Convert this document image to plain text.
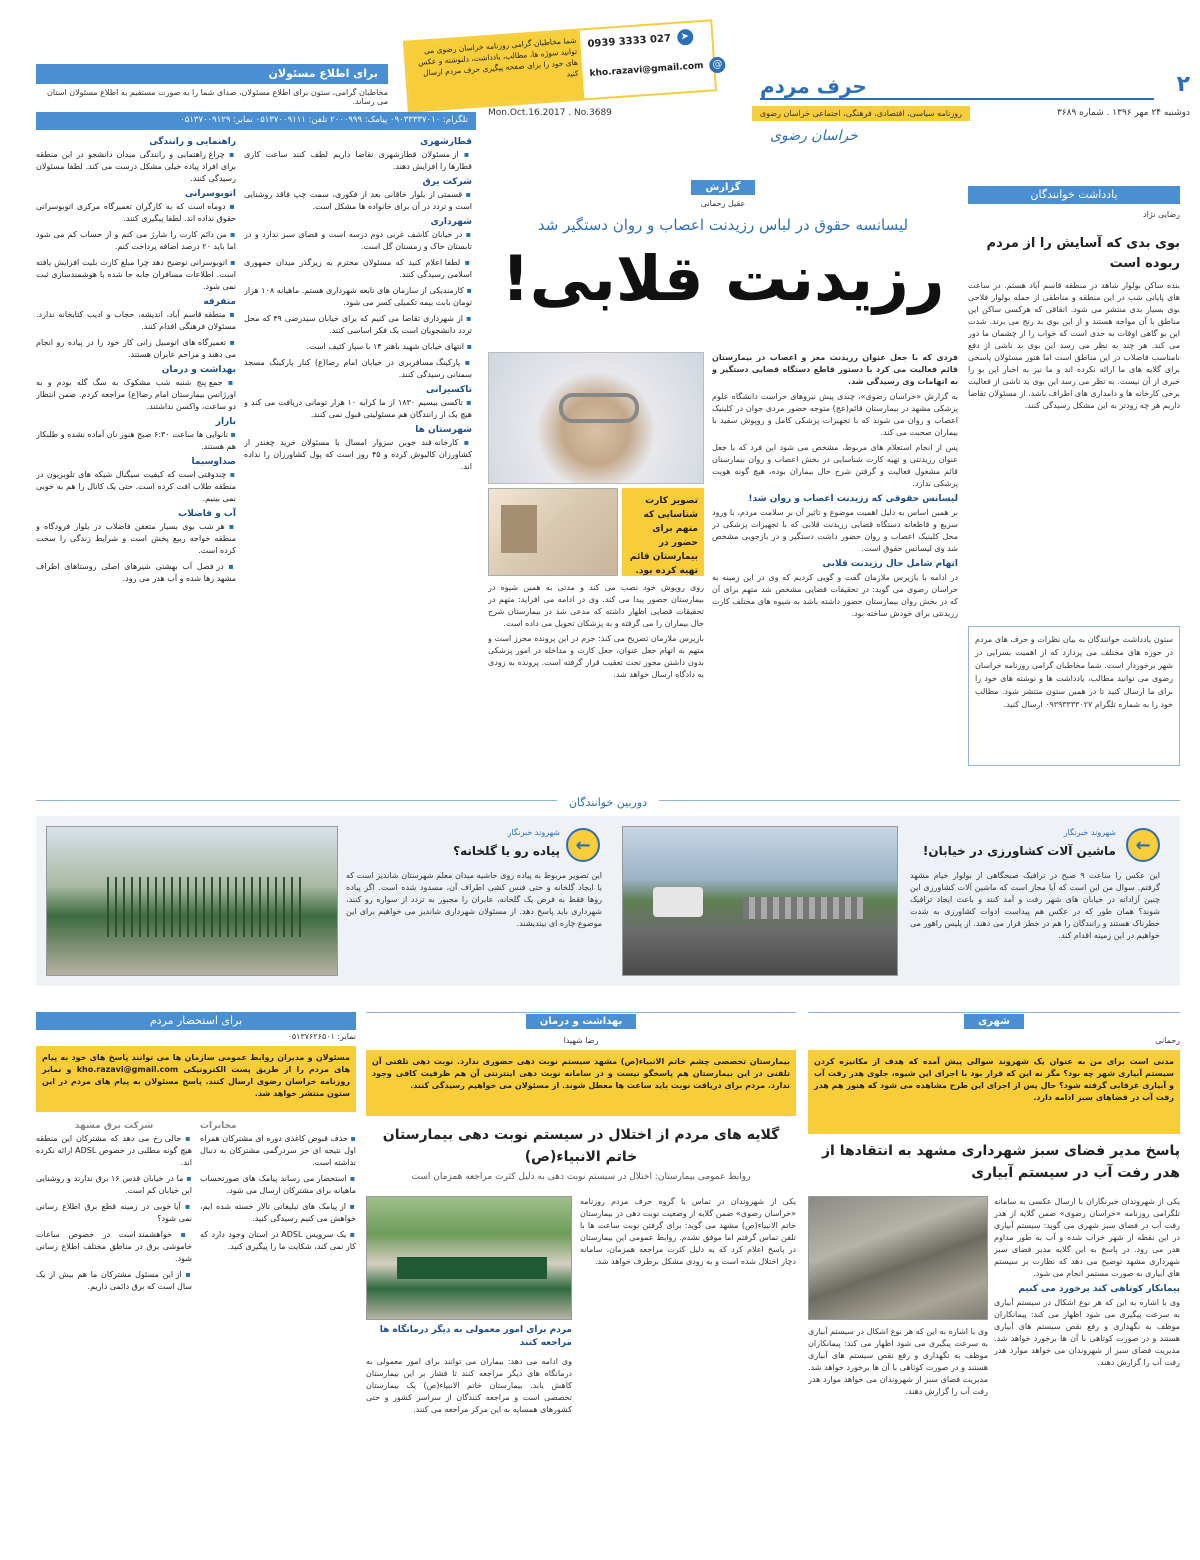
۲
حرف مردم
دوشنبه ۲۴ مهر ۱۳۹۶ . شماره ۳۶۸۹
روزنامه سیاسی، اقتصادی، فرهنگی، اجتماعی خراسان رضوی
Mon.Oct.16.2017 . No.3689
خراسان رضوی
شما مخاطبان گرامی روزنامه خراسان رضوی می توانید سوژه ها، مطالب، یادداشت، دلنوشته و عکس های خود را برای صفحه پیگیری حرف مردم ارسال کنید
➤
0939 3333 027
@
kho.razavi@gmail.com
برای اطلاع مسئولان
مخاطبان گرامی، ستون برای اطلاع مسئولان، صدای شما را به صورت مستقیم به اطلاع مسئولان استان می رساند.
تلگرام: ۰۹۰۳۳۳۳۷۰۱۰ پیامک: ۲۰۰۰۹۹۹ تلفن: ۰۵۱۳۷۰۰۹۱۱۱ نمابر: ۰۵۱۳۷۰۰۹۱۲۹
راهنمایی و رانندگی
▪ چراغ راهنمایی و رانندگی میدان دانشجو در این منطقه برای افراد پیاده خیلی مشکل درست می کند. لطفا مسئولان رسیدگی کنند.
اتوبوسرانی
▪ دوماه است که به کارگران تعمیرگاه مرکزی اتوبوسرانی حقوق نداده اند. لطفا پیگیری کنند.
▪ من دائم کارت را شارژ می کنم و از حساب کم می شود اما باید ۲۰ درصد اضافه پرداخت کنم.
▪ اتوبوسرانی توضیح دهد چرا مبلغ کارت بلیت افزایش یافته است. اطلاعات مسافران جابه جا شده با هوشمندسازی ثبت نمی شود.
متفرقه
▪ منطقه قاسم آباد، اندیشه، حجاب و ادیب کتابخانه ندارد. مسئولان فرهنگی اقدام کنند.
▪ تعمیرگاه های اتومبیل رانی کار خود را در پیاده رو انجام می دهند و مزاحم عابران هستند.
بهداشت و درمان
▪ جمع پنج شنبه شب مشکوک به سگ گله بودم و به اورژانس بیمارستان امام رضا(ع) مراجعه کردم. ضمن انتظار دو ساعت، واکسن نداشتند.
بازار
▪ نانوایی ها ساعت ۶:۳۰ صبح هنوز نان آماده نشده و طلبکار هم هستند.
صداوسیما
▪ چندوقتی است که کیفیت سیگنال شبکه های تلویزیون در منطقه طلاب افت کرده است. حتی یک کانال را هم به خوبی نمی بینیم.
آب و فاضلاب
▪ هر شب بوی بسیار متعفن فاضلاب در بلوار فرودگاه و منطقه خواجه ربیع پخش است و شرایط زندگی را سخت کرده است.
▪ در فصل آب بهشتی شیرهای اصلی روستاهای اطراف مشهد رها شده و آب هدر می رود.
قطارشهری
▪ از مسئولان قطارشهری تقاضا داریم لطف کنند ساعت کاری قطارها را افزایش دهند.
شرکت برق
▪ قسمتی از بلوار خاقانی بعد از فکوری، سمت چپ فاقد روشنایی است و تردد در آن برای خانواده ها مشکل است.
شهرداری
▪ در خیابان کاشف غربی دوم درسه است و فضای سبز ندارد و در تابستان خاک و زمستان گل است.
▪ لطفا اعلام کنید که مسئولان محترم به زیرگذر میدان جمهوری اسلامی رسیدگی کنند.
▪ کارمندیکی از سازمان های تابعه شهرداری هستم. ماهیانه ۱۰۸ هزار تومان بابت بیمه تکمیلی کسر می شود.
▪ از شهرداری تقاضا می کنیم که برای خیابان سیدرضی ۴۹ که محل تردد دانشجویان است یک فکر اساسی کنند.
▪ انتهای خیابان شهید باهنر ۱۴ با سپار کثیف است.
▪ پارکینگ مسافربری در خیابان امام رضا(ع) کنار پارکینگ مسجد سمنانی رسیدگی کنند.
تاکسیرانی
▪ تاکسی بیسیم ۱۸۳۰ از ما کرایه ۱۰ هزار تومانی دریافت می کند و هیچ یک از رانندگان هم مسئولیتی قبول نمی کنند.
شهرستان ها
▪ کارخانه قند جوین سزوار امسال با مسئولان خرید چغندر از کشاورزان کالیوش کرده و ۴۵ روز است که پول کشاورزان را نداده اند.
گزارش
عقیل رحمانی
لیسانسه حقوق در لباس رزیدنت اعصاب و روان دستگیر شد
رزیدنت قلابی!

فردی که با جعل عنوان رزیدنت مغز و اعصاب در بیمارستان قائم فعالیت می کرد با دستور قاطع دستگاه قضایی دستگیر و به اتهامات وی رسیدگی شد.

به گزارش «خراسان رضوی»، چندی پیش نیروهای حراست دانشگاه علوم پزشکی مشهد در بیمارستان قائم(عج) متوجه حضور مردی جوان در کلینیک اعصاب و روان می شوند که با تجهیزات پزشکی کامل و روپوش سفید با بیماران صحبت می کند.

پس از انجام استعلام های مربوط، مشخص می شود این فرد که با جعل عنوان رزیدنتی و تهیه کارت شناسایی در بخش اعصاب و روان بیمارستان قائم مشغول فعالیت و گرفتن شرح حال بیماران بوده، هیچ گونه هویت پزشکی ندارد.

لیسانس حقوقی که رزیدنت اعصاب و روان شد!

بر همین اساس به دلیل اهمیت موضوع و تاثیر آن بر سلامت مردم، با ورود سریع و قاطعانه دستگاه قضایی رزیدنت قلابی که با تجهیزات پزشکی در محل کلینیک اعصاب و روان حضور داشت دستگیر و در بازجویی مشخص شد وی لیسانس حقوق است.

اتهام شامل حال رزیدنت قلابی

در ادامه با بازپرس ملازمان گفت و گویی کردیم که وی در این زمینه به خراسان رضوی می گوید: در تحقیقات قضایی مشخص شد متهم برای آن که در بخش روان بیمارستان حضور داشته باشد به شیوه های مختلف کارت رزیدنتی برای خودش ساخته بود.

تصویر کارت شناسایی که متهم برای حضور در بیمارستان قائم تهیه کرده بود.

روی روپوش خود نصب می کند و مدتی به همین شیوه در بیمارستان حضور پیدا می کند. وی در ادامه می افزاید: متهم در تحقیقات قضایی اظهار داشته که مدعی شد در بیمارستان شرح حال بیماران را می گرفته و به پزشکان تحویل می داده است.

بازپرس ملازمان تصریح می کند: جرم در این پرونده محرز است و متهم به اتهام جعل عنوان، جعل کارت و مداخله در امور پزشکی بدون داشتن مجوز تحت تعقیب قرار گرفته است. پرونده به زودی به دادگاه ارسال خواهد شد.

یادداشت خوانندگان
رضایی نژاد
بوی بدی که آسایش را از مردم ربوده است
بنده ساکن بولوار شاهد در منطقه قاسم آباد هستم. در ساعت های پایانی شب در این منطقه و مناطقی از جمله بولوار فلاحی بوی بسیار بدی منتشر می شود. اتفاقی که هرکسی ساکن این مناطق با آن مواجه هستند و از این بوی بد رنج می برند. شدت این بو گاهی اوقات به حدی است که خواب را از چشمان ما دور می کند. هر چند به نظر می رسد این بوی بد ناشی از دفع نامناسب فاضلاب در این مناطق است اما هنوز مسئولان پاسخی برای گلایه های ما ارائه نکرده اند و ما نیز به اخبار این بو را خبری از آن نیست. به نظر می رسد این بوی بد ناشی از فعالیت برخی کارخانه ها و دامداری های اطراف باشد. از مسئولان تقاضا داریم هر چه زودتر به این مشکل رسیدگی کنند.
ستون یادداشت خوانندگان به بیان نظرات و حرف های مردم در حوزه های مختلف می پردازد که از اهمیت بسزایی در شهر برخوردار است. شما مخاطبان گرامی روزنامه خراسان رضوی می توانید مطالب، یادداشت ها و نوشته های خود را برای ما ارسال کنید تا در همین ستون منتشر شود. مطالب خود را به شماره تلگرام ۰۹۳۹۳۳۳۳۰۲۷ ارسال کنید.
دوربین خوانندگان
←
شهروند خبرنگار
ماشین آلات کشاورزی در خیابان!
این عکس را ساعت ۹ صبح در ترافیک صبحگاهی از بولوار خیام مشهد گرفتم. سوال من این است که آیا مجاز است که ماشین آلات کشاورزی این چنین آزادانه در خیابان های شهر رفت و آمد کنند و باعث ایجاد ترافیک شوند؟ همان طور که در عکس هم پیداست ادوات کشاورزی به شدت خطرناک هستند و رانندگان را هم در خطر قرار می دهند. از پلیس راهور می خواهیم در این زمینه اقدام کند.
←
شهروند خبرنگار
پیاده رو یا گلخانه؟
این تصویر مربوط به پیاده روی حاشیه میدان معلم شهرستان شاندیز است که با ایجاد گلخانه و حتی فنس کشی اطراف آن، مسدود شده است. اگر پیاده روها فقط به فرض یک گلخانه، عابران را مجبور به تردد از سواره رو کنند، شهرداری باید پاسخ دهد. از مسئولان شهرداری شاندیز می خواهیم برای این موضوع چاره ای بیندیشند.
شهری
رحمانی
مدنی است برای من به عنوان یک شهروند سوالی پیش آمده که هدف از مکانیزه کردن سیستم آبیاری شهر چه بود؟ مگر نه این که قرار بود با اجرای این شیوه، جلوی هدر رفت آب و آبیاری غرقابی گرفته شود؟ حال پس از اجرای این طرح مشاهده می شود که هنوز هم هدر رفت آب در فضاهای سبز ادامه دارد.
پاسخ مدیر فضای سبز شهرداری مشهد به انتقادها از هدر رفت آب در سیستم آبیاری

یکی از شهروندان خبرنگاران با ارسال عکسی به سامانه تلگرامی روزنامه «خراسان رضوی» ضمن گلایه از هدر رفت آب در فضای سبز شهری می گوید: سیستم آبیاری در این نقطه از شهر خراب شده و آب به طور مداوم هدر می رود. در پاسخ به این گلایه مدیر فضای سبز شهرداری مشهد توضیح می دهد که نظارت بر سیستم های آبیاری به صورت مستمر انجام می شود.

پیمانکار کوتاهی کند برخورد می کنیم

وی با اشاره به این که هر نوع اشکال در سیستم آبیاری به سرعت پیگیری می شود اظهار می کند: پیمانکاران موظف به نگهداری و رفع نقص سیستم های آبیاری هستند و در صورت کوتاهی با آن ها برخورد خواهد شد. مدیریت فضای سبز از شهروندان می خواهد موارد هدر رفت آب را گزارش دهند.

وی با اشاره به این که هر نوع اشکال در سیستم آبیاری به سرعت پیگیری می شود اظهار می کند: پیمانکاران موظف به نگهداری و رفع نقص سیستم های آبیاری هستند و در صورت کوتاهی با آن ها برخورد خواهد شد. مدیریت فضای سبز از شهروندان می خواهد موارد هدر رفت آب را گزارش دهند.
بهداشت و درمان
رضا شهیدا
بیمارستان تخصصی چشم خاتم الانبیاء(ص) مشهد سیستم نوبت دهی حضوری ندارد. نوبت دهی تلفنی آن تلفنی در این بیمارستان هم پاسخگو نیست و در سامانه نوبت دهی اینترنتی آن هم ظرفیت کافی وجود ندارد. مردم برای دریافت نوبت باید ساعت ها معطل شوند. از مسئولان می خواهیم رسیدگی کنند.
گلایه های مردم از اختلال در سیستم نوبت دهی بیمارستان خاتم الانبیاء(ص)
روابط عمومی بیمارستان: اختلال در سیستم نوبت دهی به دلیل کثرت مراجعه همزمان است
یکی از شهروندان در تماس با گروه حرف مردم روزنامه «خراسان رضوی» ضمن گلایه از وضعیت نوبت دهی در بیمارستان خاتم الانبیاء(ص) مشهد می گوید: برای گرفتن نوبت ساعت ها با تلفن تماس گرفتم اما موفق نشدم. روابط عمومی این بیمارستان در پاسخ اعلام کرد که به دلیل کثرت مراجعه همزمان، سامانه دچار اختلال شده است و به زودی مشکل برطرف خواهد شد.
مردم برای امور معمولی به دیگر درمانگاه ها مراجعه کنند
وی ادامه می دهد: بیماران می توانند برای امور معمولی به درمانگاه های دیگر مراجعه کنند تا فشار بر این بیمارستان کاهش یابد. بیمارستان خاتم الانبیاء(ص) یک بیمارستان تخصصی است و مراجعه کنندگان از سراسر کشور و حتی کشورهای همسایه به این مرکز مراجعه می کنند.
برای استحضار مردم
نمابر: ۰۵۱۳۷۶۲۶۵۰۱
مسئولان و مدیران روابط عمومی سازمان ها می توانند پاسخ های خود به پیام های مردم را از طریق پست الکترونیکی kho.razavi@gmail.com و نمابر روزنامه خراسان رضوی ارسال کنند. پاسخ مسئولان به پیام های مردم در این ستون منتشر خواهد شد.
مخابرات
▪ حذف قبوض کاغذی دوره ای مشترکان همراه اول نتیجه ای جز سردرگمی مشترکان به دنبال نداشته است.
▪ استحضار می رساند پیامک های صورتحساب ماهیانه برای مشترکان ارسال می شود.
▪ از پیامک های تبلیغاتی تالار خسته شده ایم، خواهش می کنیم رسیدگی کنید.
▪ یک سرویس ADSL در استان وجود دارد که کار نمی کند، شکایت ما را پیگیری کنید.
شرکت برق مشهد
▪ حالی رخ می دهد که مشترکان این منطقه هیچ گونه مطلبی در خصوص ADSL ارائه نکرده اند.
▪ ما در خیابان قدس ۱۶ برق ندارند و روشنایی این خیابان کم است.
▪ آیا خوبی در زمینه قطع برق اطلاع رسانی نمی شود؟
▪ خواهشمند است در خصوص ساعات خاموشی برق در مناطق مختلف اطلاع رسانی شود.
▪ از این مسئول مشترکان ما هم بیش از یک سال است که برق دائمی داریم.
